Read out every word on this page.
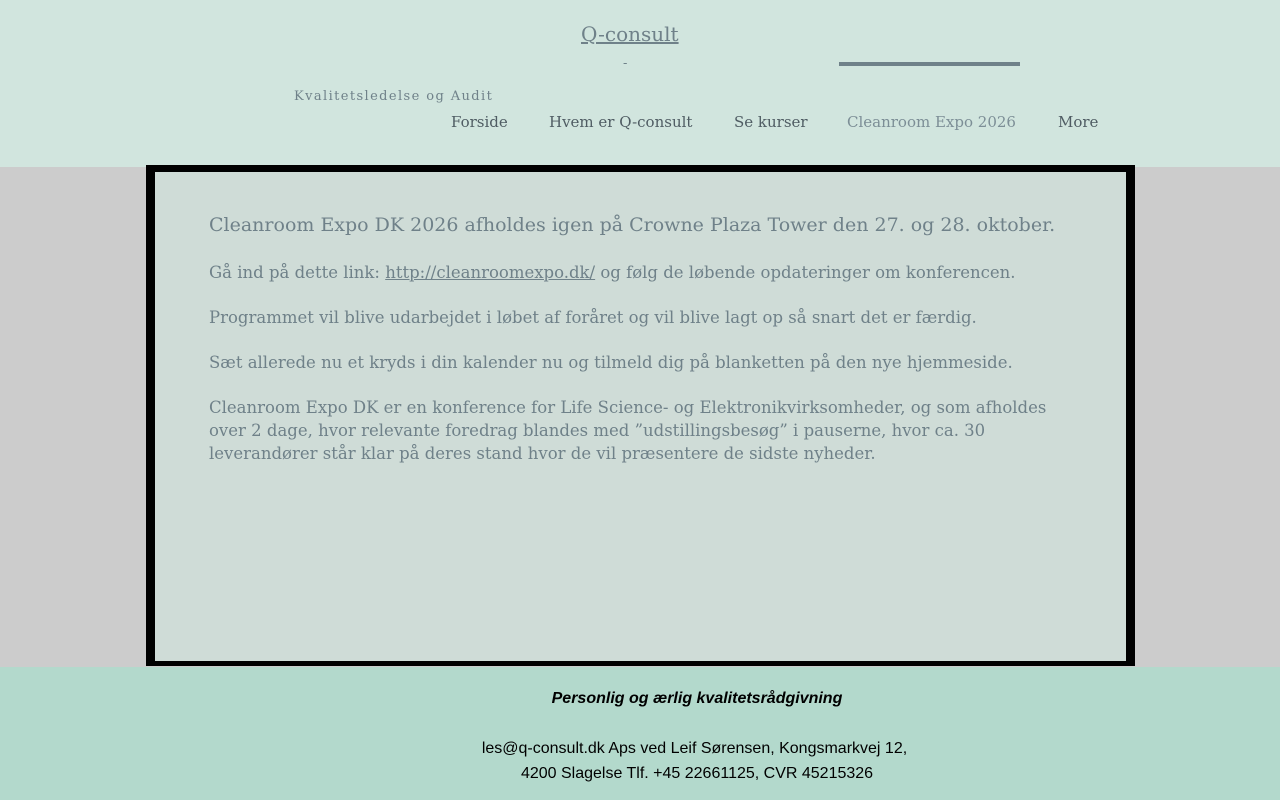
Q-consult
-
Kvalitetsledelse og Audit
Forside	Hvem er Q-consult	Se kurser	Cleanroom Expo 2026	More
Cleanroom Expo DK 2026 afholdes igen på Crowne Plaza Tower den 27. og 28. oktober.

Gå ind på dette link: http://cleanroomexpo.dk/ og følg de løbende opdateringer om konferencen.

Programmet vil blive udarbejdet i løbet af foråret og vil blive lagt op så snart det er færdig.

Sæt allerede nu et kryds i din kalender nu og tilmeld dig på blanketten på den nye hjemmeside.

Cleanroom Expo DK er en konference for Life Science- og Elektronikvirksomheder, og som afholdes over 2 dage, hvor relevante foredrag blandes med ”udstillingsbesøg” i pauserne, hvor ca. 30 leverandører står klar på deres stand hvor de vil præsentere de sidste nyheder.

Personlig og ærlig kvalitetsrådgivning
les@q-consult.dk Aps ved Leif Sørensen, Kongsmarkvej 12,
4200 Slagelse Tlf. +45 22661125, CVR 45215326
